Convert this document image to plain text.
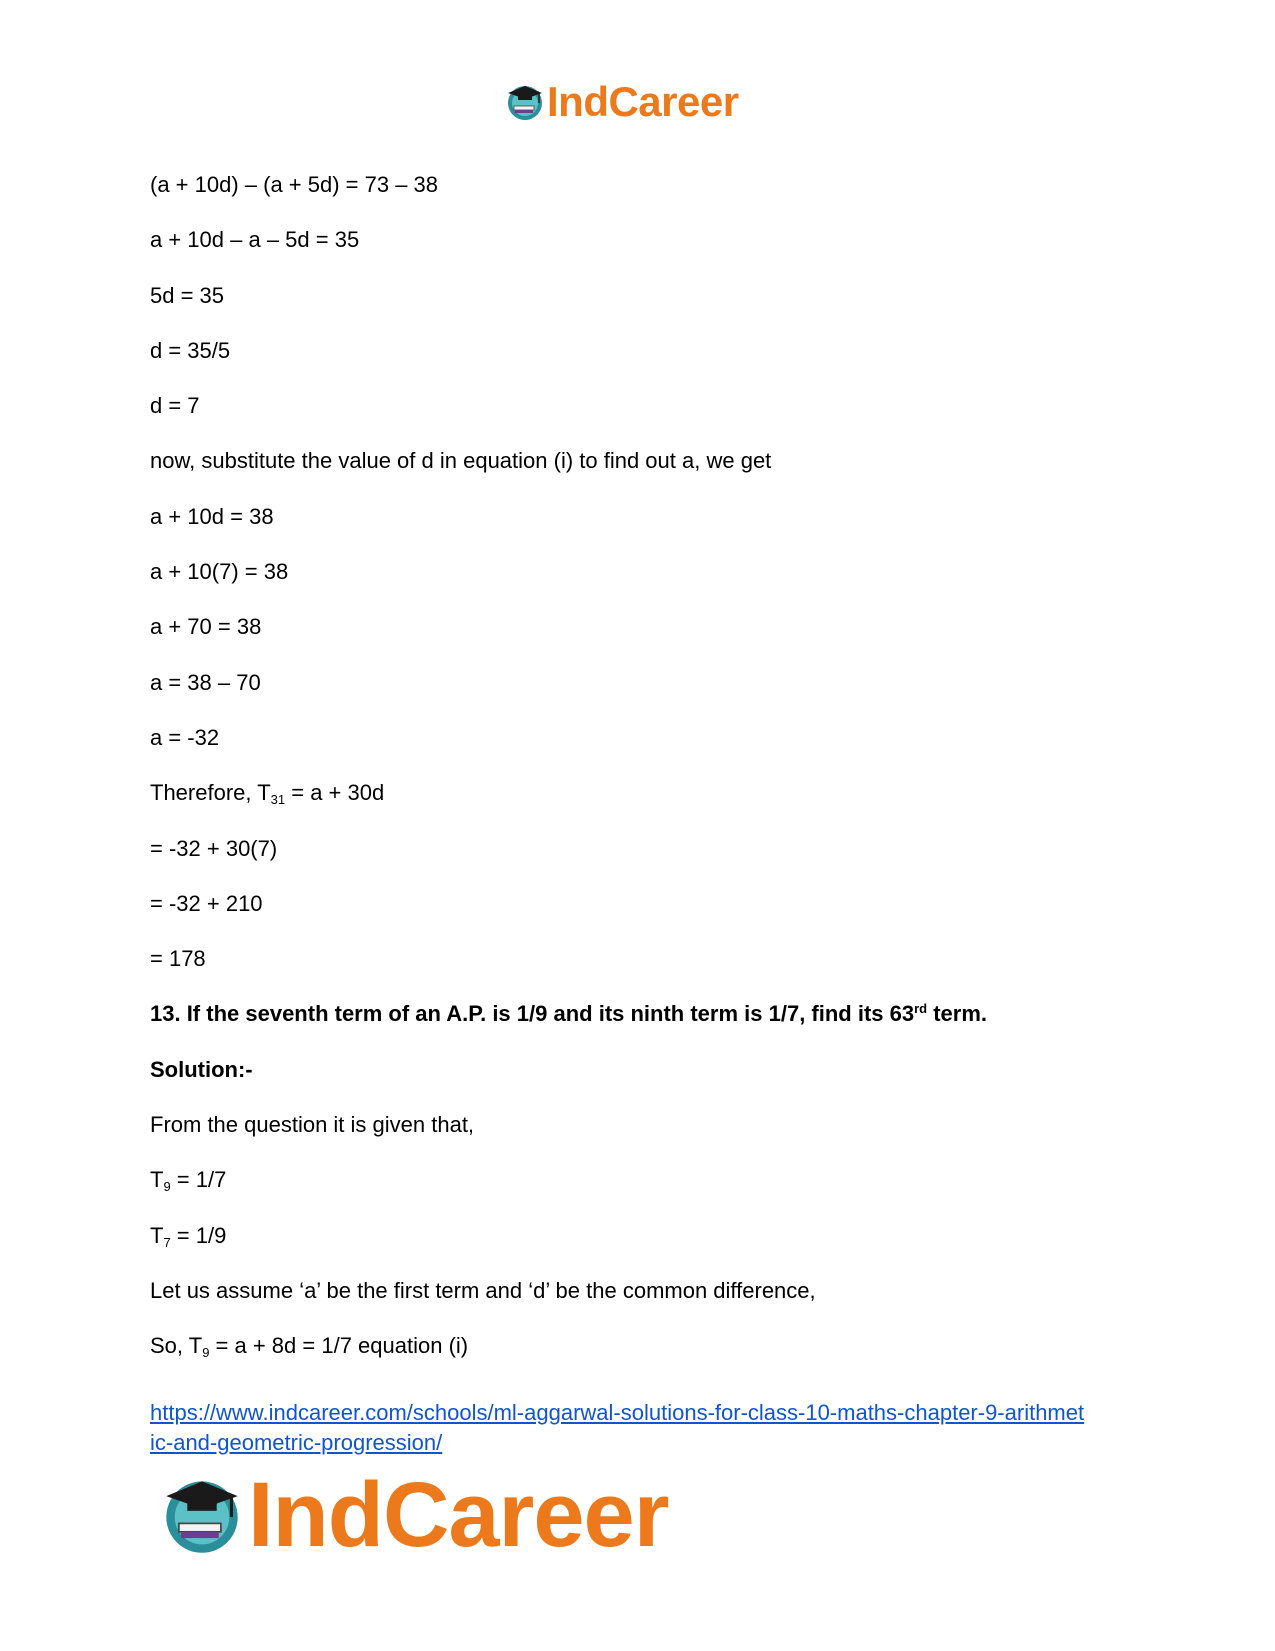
IndCareer
(a + 10d) – (a + 5d) = 73 – 38
a + 10d – a – 5d = 35
5d = 35
d = 35/5
d = 7
now, substitute the value of d in equation (i) to find out a, we get
a + 10d = 38
a + 10(7) = 38
a + 70 = 38
a = 38 – 70
a = -32
Therefore, $T_{31} = a + 30d$
= -32 + 30(7)
= -32 + 210
= 178
13. If the seventh term of an A.P. is 1/9 and its ninth term is 1/7, find its 63rd term.
Solution:-
From the question it is given that,
$T_9 = 1/7$
$T_7 = 1/9$
Let us assume ‘a’ be the first term and ‘d’ be the common difference,
So, $T_9 = a + 8d = 1/7$ equation (i)
https://www.indcareer.com/schools/ml-aggarwal-solutions-for-class-10-maths-chapter-9-arithmet
ic-and-geometric-progression/
IndCareer
